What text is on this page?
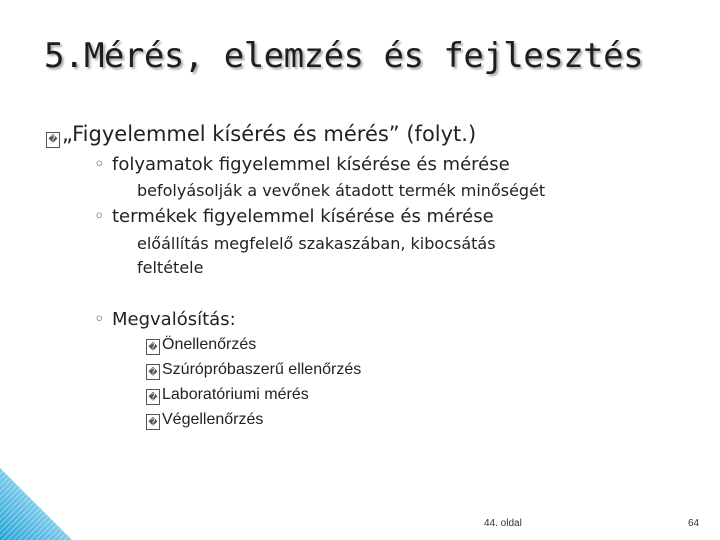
5.Mérés, elemzés és fejlesztés
� „Figyelemmel kísérés és mérés” (folyt.)
◦ folyamatok figyelemmel kísérése és mérése
befolyásolják a vevőnek átadott termék minőségét
◦ termékek figyelemmel kísérése és mérése
előállítás megfelelő szakaszában, kibocsátás
feltétele
◦ Megvalósítás:
� Önellenőrzés
� Szúrópróbaszerű ellenőrzés
� Laboratóriumi mérés
� Végellenőrzés
44. oldal	64
